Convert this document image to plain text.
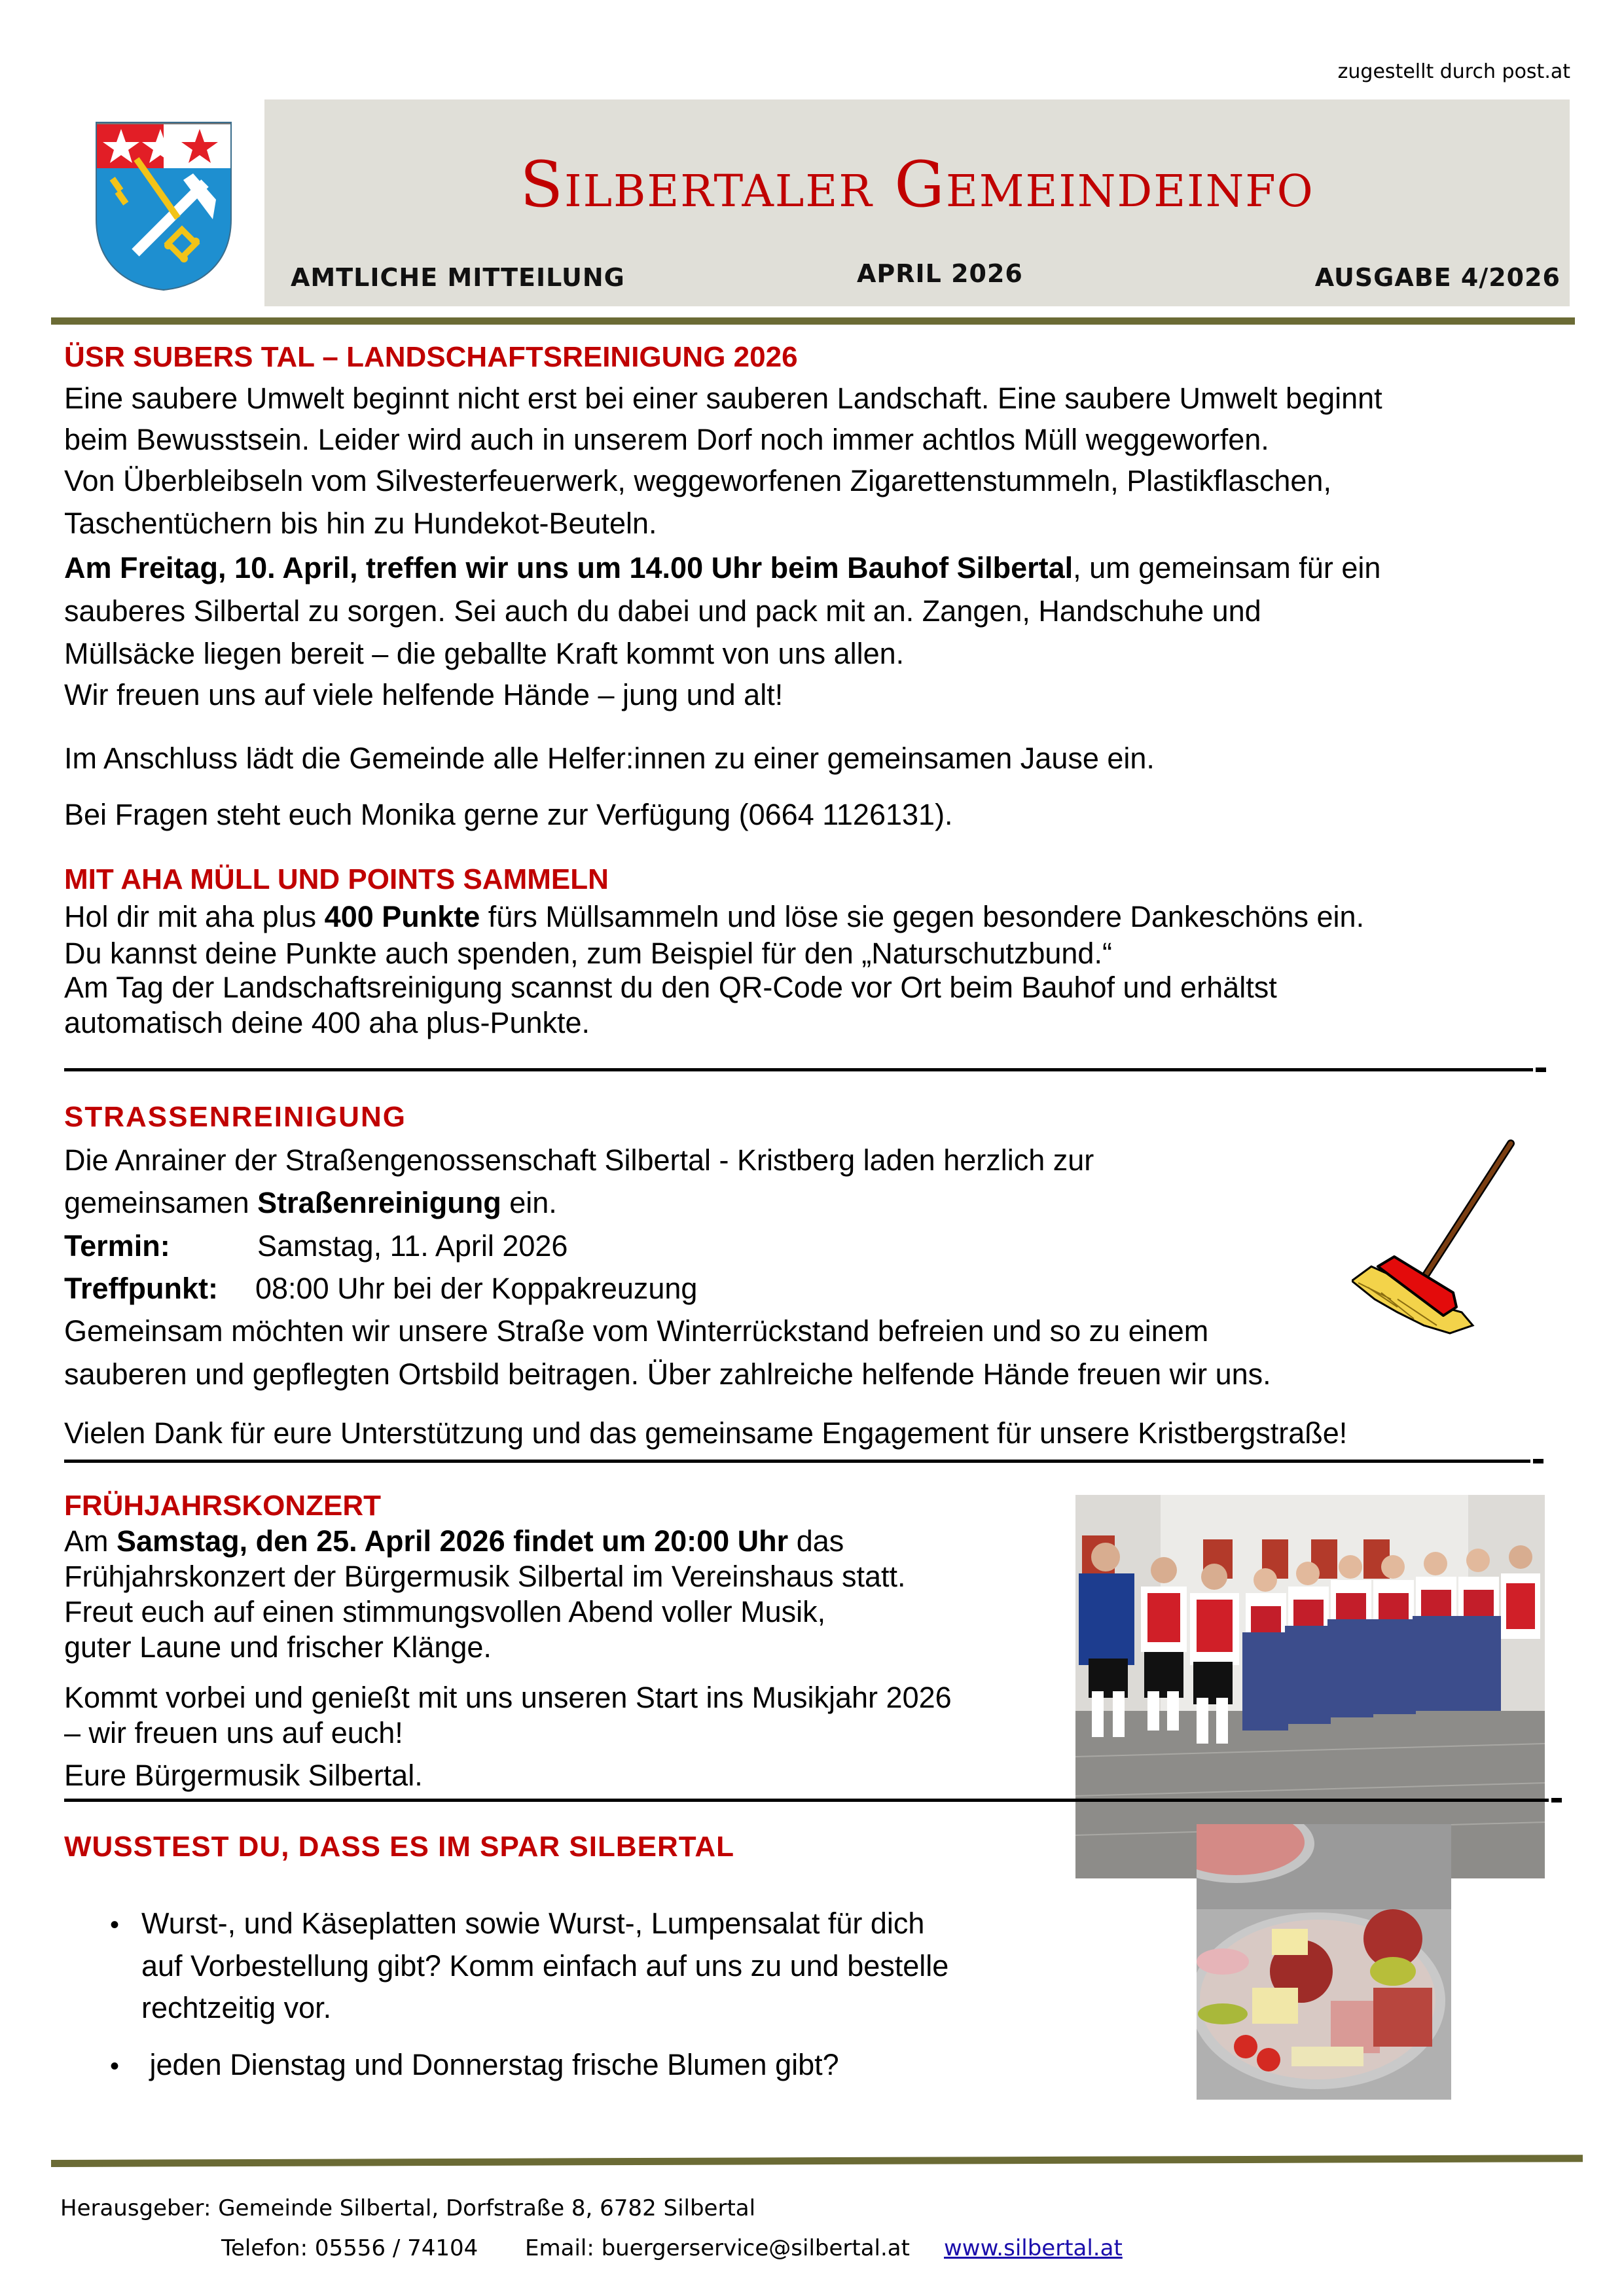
zugestellt durch post.at
Silbertaler Gemeindeinfo
AMTLICHE MITTEILUNG	APRIL 2026	AUSGABE 4/2026
ÜSR SUBERS TAL – LANDSCHAFTSREINIGUNG 2026
Eine saubere Umwelt beginnt nicht erst bei einer sauberen Landschaft. Eine saubere Umwelt beginnt
beim Bewusstsein. Leider wird auch in unserem Dorf noch immer achtlos Müll weggeworfen.
Von Überbleibseln vom Silvesterfeuerwerk, weggeworfenen Zigarettenstummeln, Plastikflaschen,
Taschentüchern bis hin zu Hundekot-Beuteln.
Am Freitag, 10. April, treffen wir uns um 14.00 Uhr beim Bauhof Silbertal, um gemeinsam für ein
sauberes Silbertal zu sorgen. Sei auch du dabei und pack mit an. Zangen, Handschuhe und
Müllsäcke liegen bereit – die geballte Kraft kommt von uns allen.
Wir freuen uns auf viele helfende Hände – jung und alt!
Im Anschluss lädt die Gemeinde alle Helfer:innen zu einer gemeinsamen Jause ein.
Bei Fragen steht euch Monika gerne zur Verfügung (0664 1126131).
MIT AHA MÜLL UND POINTS SAMMELN
Hol dir mit aha plus 400 Punkte fürs Müllsammeln und löse sie gegen besondere Dankeschöns ein.
Du kannst deine Punkte auch spenden, zum Beispiel für den „Naturschutzbund.“
Am Tag der Landschaftsreinigung scannst du den QR-Code vor Ort beim Bauhof und erhältst
automatisch deine 400 aha plus-Punkte.
STRASSENREINIGUNG
Die Anrainer der Straßengenossenschaft Silbertal - Kristberg laden herzlich zur
gemeinsamen Straßenreinigung ein.
Termin:	Samstag, 11. April 2026
Treffpunkt: 08:00 Uhr bei der Koppakreuzung
Gemeinsam möchten wir unsere Straße vom Winterrückstand befreien und so zu einem
sauberen und gepflegten Ortsbild beitragen. Über zahlreiche helfende Hände freuen wir uns.
Vielen Dank für eure Unterstützung und das gemeinsame Engagement für unsere Kristbergstraße!
FRÜHJAHRSKONZERT
Am Samstag, den 25. April 2026 findet um 20:00 Uhr das
Frühjahrskonzert der Bürgermusik Silbertal im Vereinshaus statt.
Freut euch auf einen stimmungsvollen Abend voller Musik,
guter Laune und frischer Klänge.
Kommt vorbei und genießt mit uns unseren Start ins Musikjahr 2026
– wir freuen uns auf euch!
Eure Bürgermusik Silbertal.
WUSSTEST DU, DASS ES IM SPAR SILBERTAL
• Wurst-, und Käseplatten sowie Wurst-, Lumpensalat für dich
auf Vorbestellung gibt? Komm einfach auf uns zu und bestelle
rechtzeitig vor.
• jeden Dienstag und Donnerstag frische Blumen gibt?
Herausgeber: Gemeinde Silbertal, Dorfstraße 8, 6782 Silbertal
Telefon: 05556 / 74104 Email: buergerservice@silbertal.at www.silbertal.at
